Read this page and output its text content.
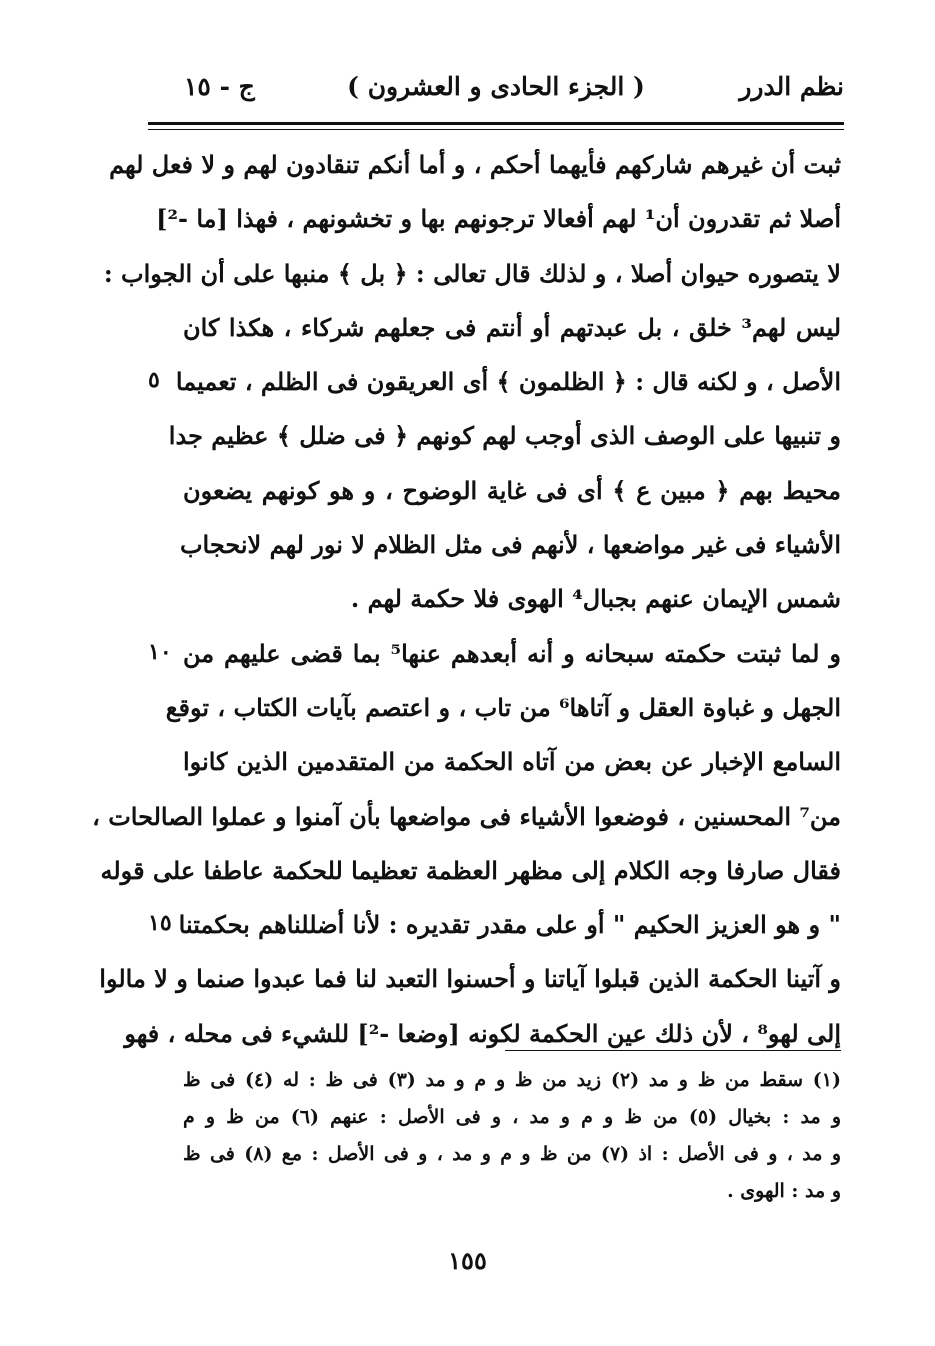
نظم الدرر
( الجزء الحادى و العشرون )
ج - ١٥
ثبت أن غيرهم شاركهم فأيهما أحكم ، و أما أنكم تنقادون لهم و لا فعل لهم
أصلا ثم تقدرون أن¹ لهم أفعالا ترجونهم بها و تخشونهم ، فهذا [ما -²]
لا يتصوره حيوان أصلا ، و لذلك قال تعالى : ﴿ بل ﴾ منبها على أن الجواب :
ليس لهم³ خلق ، بل عبدتهم أو أنتم فى جعلهم شركاء ، هكذا كان
الأصل ، و لكنه قال : ﴿ الظلمون ﴾ أى العريقون فى الظلم ، تعميما
و تنبيها على الوصف الذى أوجب لهم كونهم ﴿ فى ضلل ﴾ عظيم جدا
محيط بهم ﴿ مبين ع ﴾ أى فى غاية الوضوح ، و هو كونهم يضعون
الأشياء فى غير مواضعها ، لأنهم فى مثل الظلام لا نور لهم لانحجاب
شمس الإيمان عنهم بجبال⁴ الهوى فلا حكمة لهم .
و لما ثبتت حكمته سبحانه و أنه أبعدهم عنها⁵ بما قضى عليهم من
الجهل و غباوة العقل و آتاها⁶ من تاب ، و اعتصم بآيات الكتاب ، توقع
السامع الإخبار عن بعض من آتاه الحكمة من المتقدمين الذين كانوا
من⁷ المحسنين ، فوضعوا الأشياء فى مواضعها بأن آمنوا و عملوا الصالحات ،
فقال صارفا وجه الكلام إلى مظهر العظمة تعظيما للحكمة عاطفا على قوله
" و هو العزيز الحكيم " أو على مقدر تقديره : لأنا أضللناهم بحكمتنا
و آتينا الحكمة الذين قبلوا آياتنا و أحسنوا التعبد لنا فما عبدوا صنما و لا مالوا
إلى لهو⁸ ، لأن ذلك عين الحكمة لكونه [وضعا -²] للشيء فى محله ، فهو
٥
١٠
١٥
(١) سقط من ظ و مد (٢) زيد من ظ و م و مد (٣) فى ظ : له (٤) فى ظ
و مد : بخيال (٥) من ظ و م و مد ، و فى الأصل : عنهم (٦) من ظ و م
و مد ، و فى الأصل : اذ (٧) من ظ و م و مد ، و فى الأصل : مع (٨) فى ظ
و مد : الهوى .
١٥٥
